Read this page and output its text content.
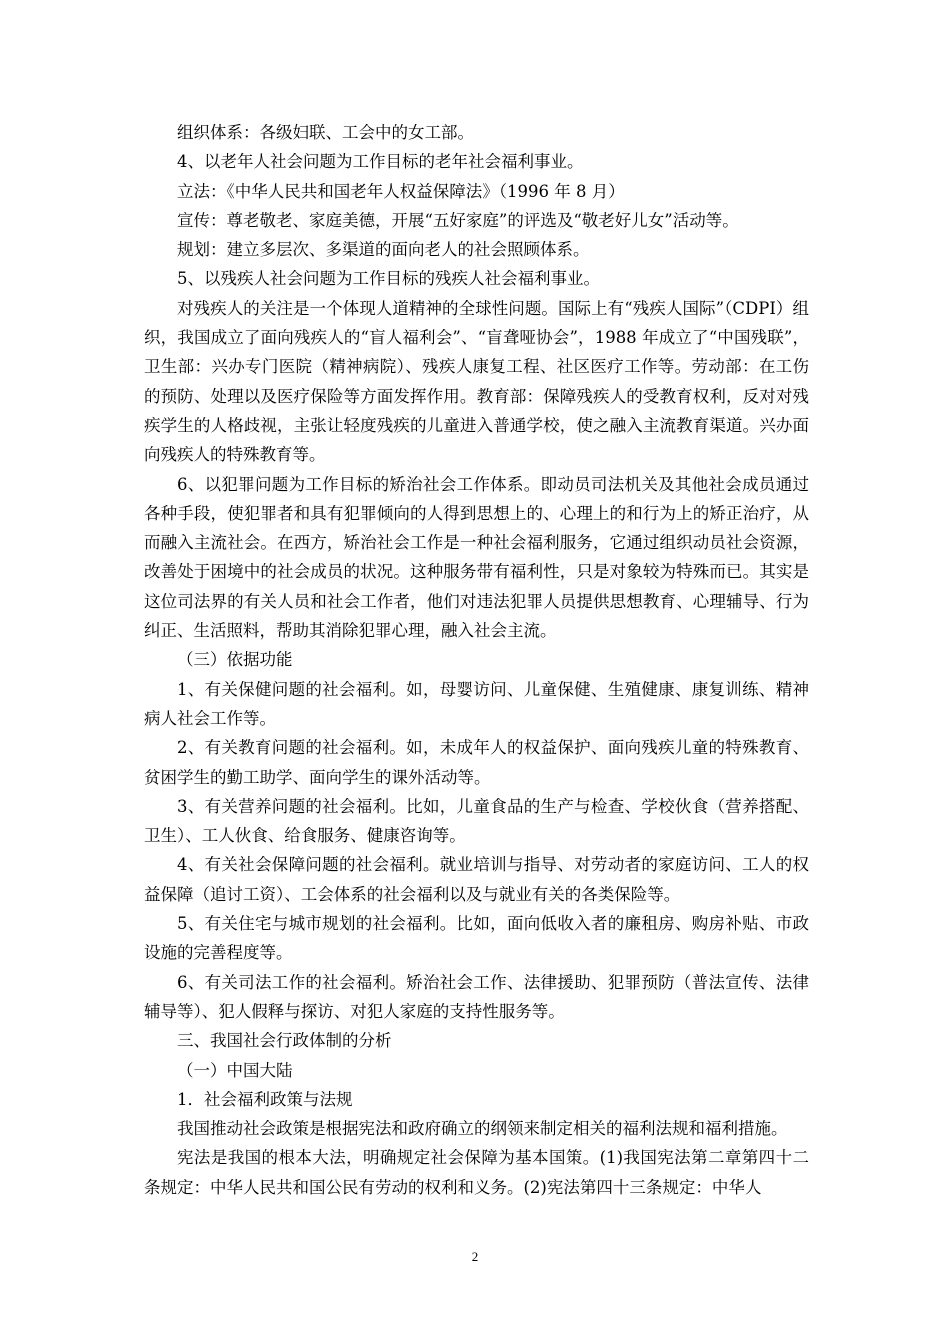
组织体系：各级妇联、工会中的女工部。

4、以老年人社会问题为工作目标的老年社会福利事业。

立法：《中华人民共和国老年人权益保障法》（1996 年 8 月）

宣传：尊老敬老、家庭美德，开展“五好家庭”的评选及“敬老好儿女”活动等。

规划：建立多层次、多渠道的面向老人的社会照顾体系。

5、以残疾人社会问题为工作目标的残疾人社会福利事业。

对残疾人的关注是一个体现人道精神的全球性问题。国际上有“残疾人国际”（CDPI）组织，我国成立了面向残疾人的“盲人福利会”、“盲聋哑协会”，1988 年成立了“中国残联”，卫生部：兴办专门医院（精神病院）、残疾人康复工程、社区医疗工作等。劳动部：在工伤的预防、处理以及医疗保险等方面发挥作用。教育部：保障残疾人的受教育权利，反对对残疾学生的人格歧视，主张让轻度残疾的儿童进入普通学校，使之融入主流教育渠道。兴办面向残疾人的特殊教育等。

6、以犯罪问题为工作目标的矫治社会工作体系。即动员司法机关及其他社会成员通过各种手段，使犯罪者和具有犯罪倾向的人得到思想上的、心理上的和行为上的矫正治疗，从而融入主流社会。在西方，矫治社会工作是一种社会福利服务，它通过组织动员社会资源，改善处于困境中的社会成员的状况。这种服务带有福利性，只是对象较为特殊而已。其实是这位司法界的有关人员和社会工作者，他们对违法犯罪人员提供思想教育、心理辅导、行为纠正、生活照料，帮助其消除犯罪心理，融入社会主流。

（三）依据功能

1、有关保健问题的社会福利。如，母婴访问、儿童保健、生殖健康、康复训练、精神病人社会工作等。

2、有关教育问题的社会福利。如，未成年人的权益保护、面向残疾儿童的特殊教育、贫困学生的勤工助学、面向学生的课外活动等。

3、有关营养问题的社会福利。比如，儿童食品的生产与检查、学校伙食（营养搭配、卫生）、工人伙食、给食服务、健康咨询等。

4、有关社会保障问题的社会福利。就业培训与指导、对劳动者的家庭访问、工人的权益保障（追讨工资）、工会体系的社会福利以及与就业有关的各类保险等。

5、有关住宅与城市规划的社会福利。比如，面向低收入者的廉租房、购房补贴、市政设施的完善程度等。

6、有关司法工作的社会福利。矫治社会工作、法律援助、犯罪预防（普法宣传、法律辅导等）、犯人假释与探访、对犯人家庭的支持性服务等。

三、我国社会行政体制的分析

（一）中国大陆

1．社会福利政策与法规

我国推动社会政策是根据宪法和政府确立的纲领来制定相关的福利法规和福利措施。

宪法是我国的根本大法，明确规定社会保障为基本国策。(1)我国宪法第二章第四十二条规定：中华人民共和国公民有劳动的权利和义务。(2)宪法第四十三条规定：中华人

2
